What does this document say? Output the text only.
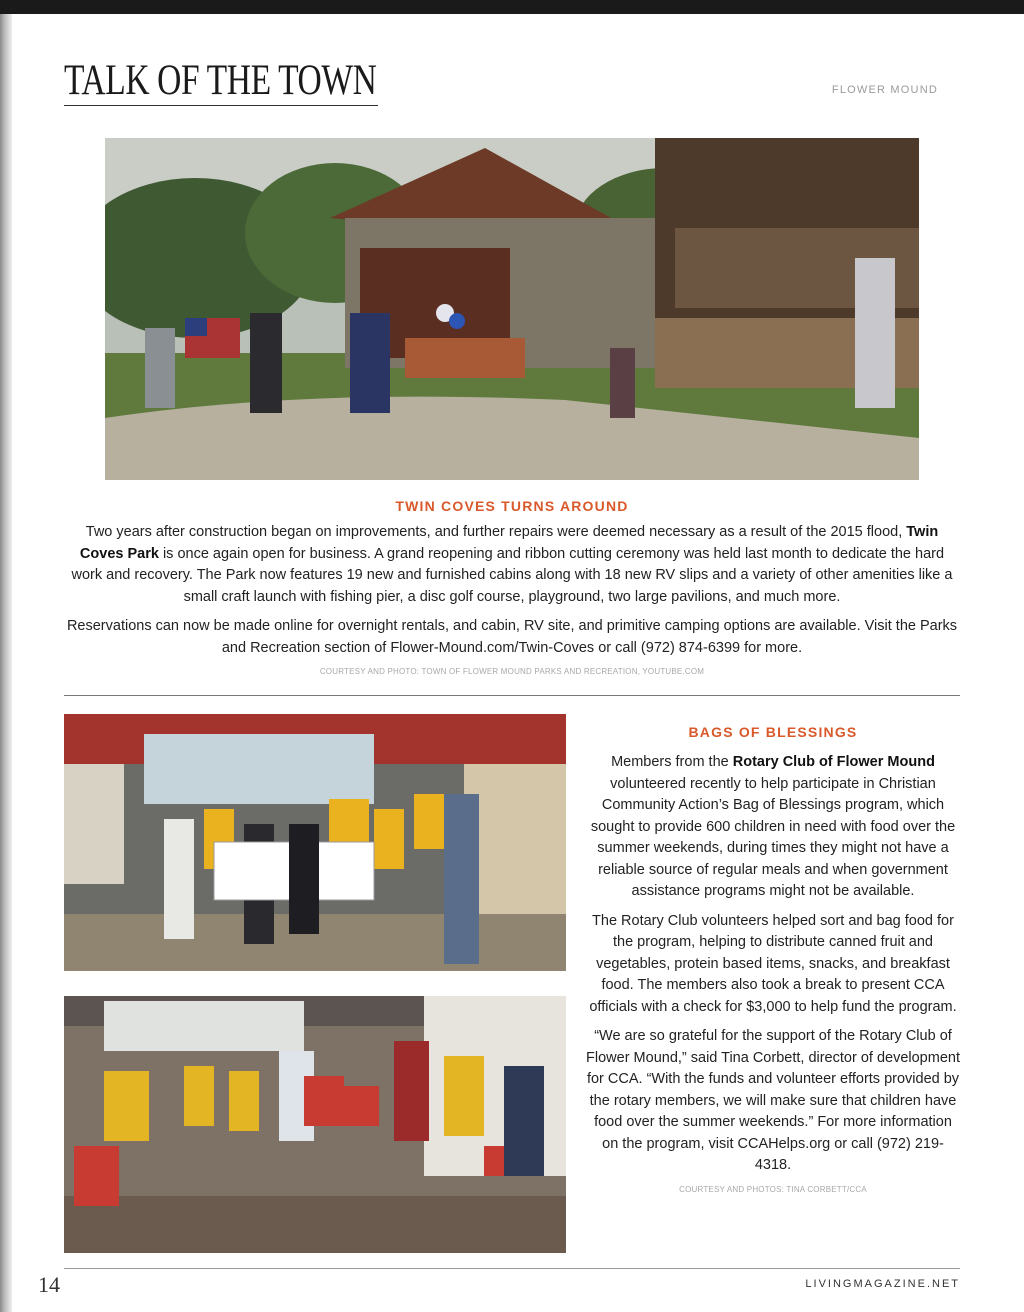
TALK OF THE TOWN	FLOWER MOUND
TWIN COVES TURNS AROUND

Two years after construction began on improvements, and further repairs were deemed necessary as a result of the 2015 flood, Twin Coves Park is once again open for business. A grand reopening and ribbon cutting ceremony was held last month to dedicate the hard work and recovery. The Park now features 19 new and furnished cabins along with 18 new RV slips and a variety of other amenities like a small craft launch with fishing pier, a disc golf course, playground, two large pavilions, and much more.

Reservations can now be made online for overnight rentals, and cabin, RV site, and primitive camping options are available. Visit the Parks and Recreation section of Flower-Mound.com/Twin-Coves or call (972) 874-6399 for more.

COURTESY AND PHOTO: TOWN OF FLOWER MOUND PARKS AND RECREATION, YOUTUBE.COM
BAGS OF BLESSINGS

Members from the Rotary Club of Flower Mound volunteered recently to help participate in Christian Community Action’s Bag of Blessings program, which sought to provide 600 children in need with food over the summer weekends, during times they might not have a reliable source of regular meals and when government assistance programs might not be available.

The Rotary Club volunteers helped sort and bag food for the program, helping to distribute canned fruit and vegetables, protein based items, snacks, and breakfast food. The members also took a break to present CCA officials with a check for $3,000 to help fund the program.

“We are so grateful for the support of the Rotary Club of Flower Mound,” said Tina Corbett, director of development for CCA. “With the funds and volunteer efforts provided by the rotary members, we will make sure that children have food over the summer weekends.” For more information on the program, visit CCAHelps.org or call (972) 219-4318.

COURTESY AND PHOTOS: TINA CORBETT/CCA
14	LIVINGMAGAZINE.NET
